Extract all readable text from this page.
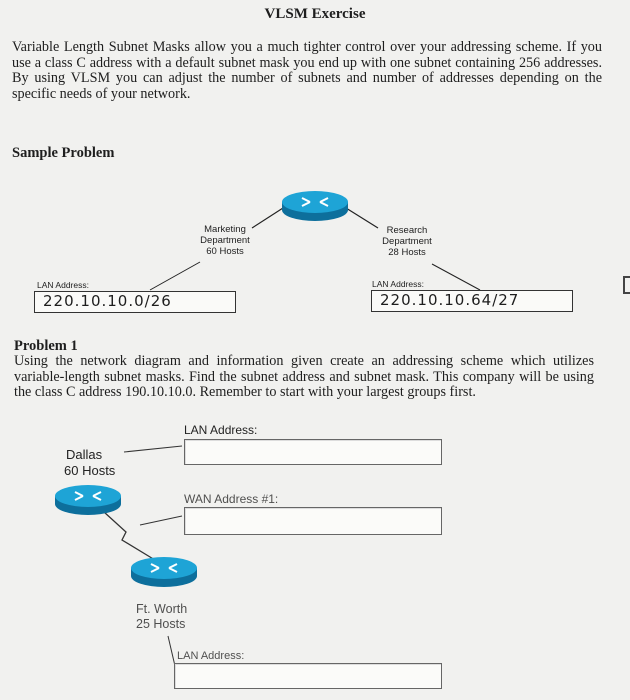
VLSM Exercise
Variable Length Subnet Masks allow you a much tighter control over your addressing scheme. If you use a class C address with a default subnet mask you end up with one subnet containing 256 addresses. By using VLSM you can adjust the number of subnets and number of addresses depending on the specific needs of your network.
Sample Problem
Marketing
Department
60 Hosts
Research
Department
28 Hosts
LAN Address:
220.10.10.0/26
LAN Address:
220.10.10.64/27
Problem 1
Using the network diagram and information given create an addressing scheme which utilizes variable-length subnet masks. Find the subnet address and subnet mask. This company will be using the class C address 190.10.10.0. Remember to start with your largest groups first.
LAN Address:
Dallas
60 Hosts
WAN Address #1:
Ft. Worth
25 Hosts
LAN Address:
